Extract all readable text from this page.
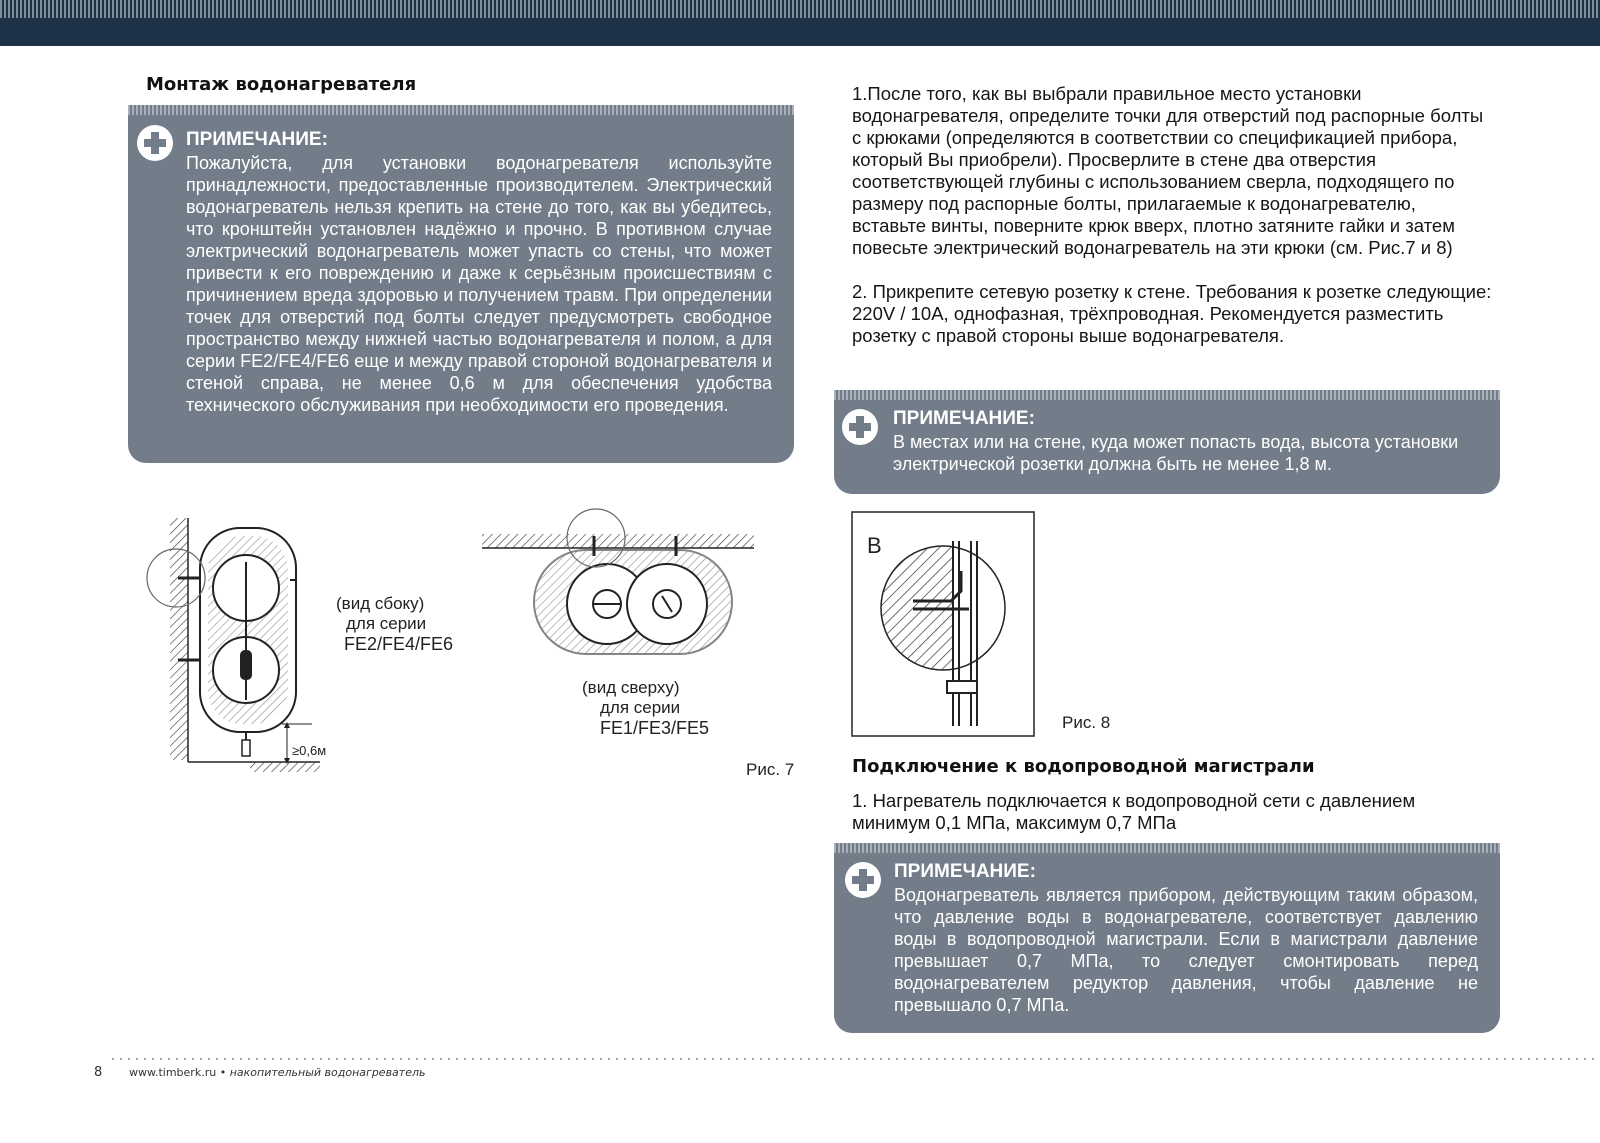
Монтаж водонагревателя
ПРИМЕЧАНИЕ:
Пожалуйста, для установки водонагревателя используйте принадлежности, предоставленные производителем. Электрический водонагреватель нельзя крепить на стене до того, как вы убедитесь, что кронштейн установлен надёжно и прочно. В противном случае электрический водонагреватель может упасть со стены, что может привести к его повреждению и даже к серьёзным происшествиям с причинением вреда здоровью и получением травм. При определении точек для отверстий под болты следует предусмотреть свободное пространство между нижней частью водонагревателя и полом, а для серии FE2/FE4/FE6 еще и между правой стороной водонагревателя и стеной справа, не менее 0,6 м для обеспечения удобства технического обслуживания при необходимости его проведения.
≥0,6м
(вид сбоку)
для серии
FE2/FE4/FE6
(вид сверху)
для серии
FE1/FE3/FE5
Рис. 7
1.После того, как вы выбрали правильное место установки водонагревателя, определите точки для отверстий под распорные болты с крюками (определяются в соответствии со спецификацией прибора, который Вы приобрели). Просверлите в стене два отверстия соответствующей глубины с использованием сверла, подходящего по размеру под распорные болты, прилагаемые к водонагревателю, вставьте винты, поверните крюк вверх, плотно затяните гайки и затем повесьте электрический водонагреватель на эти крюки (см. Рис.7 и 8)
2. Прикрепите сетевую розетку к стене. Требования к розетке следующие: 220V / 10A, однофазная, трёхпроводная. Рекомендуется разместить розетку с правой стороны выше водонагревателя.
ПРИМЕЧАНИЕ:
В местах или на стене, куда может попасть вода, высота установки электрической розетки должна быть не менее 1,8 м.
B
Рис. 8
Подключение к водопроводной магистрали
1. Нагреватель подключается к водопроводной сети с давлением минимум 0,1 МПа, максимум 0,7 МПа
ПРИМЕЧАНИЕ:
Водонагреватель является прибором, действующим таким образом, что давление воды в водонагревателе, соответствует давлению воды в водопроводной магистрали. Если в магистрали давление превышает 0,7 МПа, то следует смонтировать перед водонагревателем редуктор давления, чтобы давление не превышало 0,7 МПа.
8 www.timberk.ru • накопительный водонагреватель
